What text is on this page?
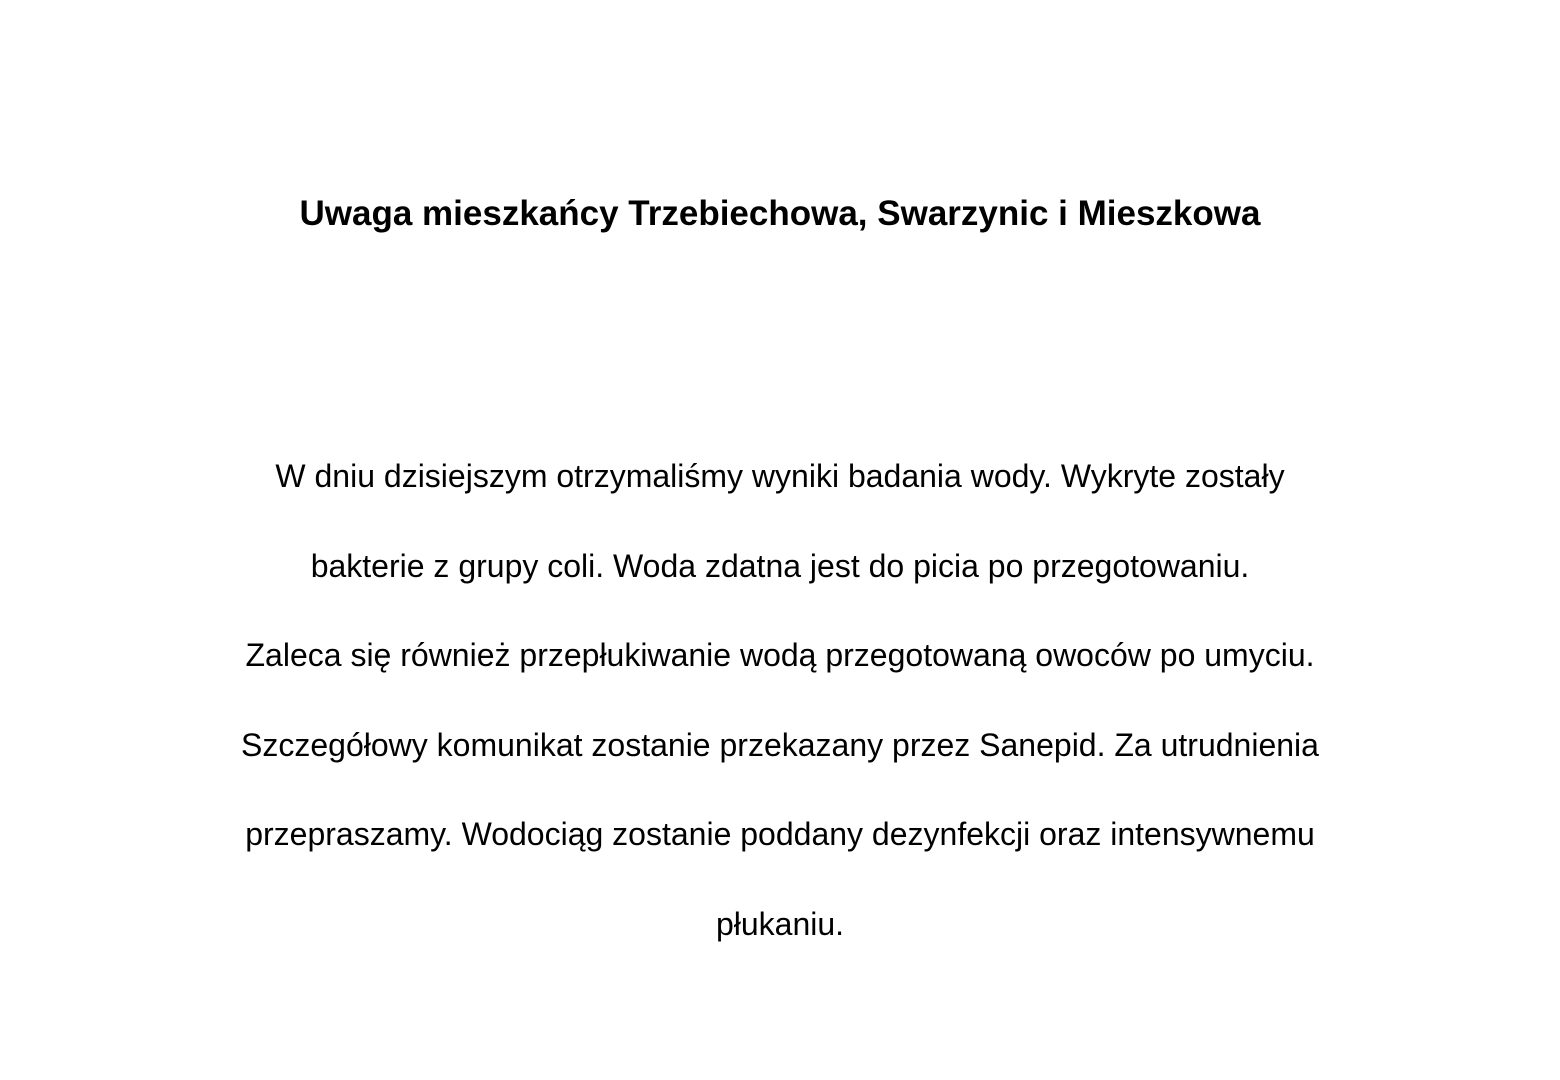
Uwaga mieszkańcy Trzebiechowa, Swarzynic i Mieszkowa
W dniu dzisiejszym otrzymaliśmy wyniki badania wody. Wykryte zostały
bakterie z grupy coli. Woda zdatna jest do picia po przegotowaniu.
Zaleca się również przepłukiwanie wodą przegotowaną owoców po umyciu.
Szczegółowy komunikat zostanie przekazany przez Sanepid. Za utrudnienia
przepraszamy. Wodociąg zostanie poddany dezynfekcji oraz intensywnemu
płukaniu.
